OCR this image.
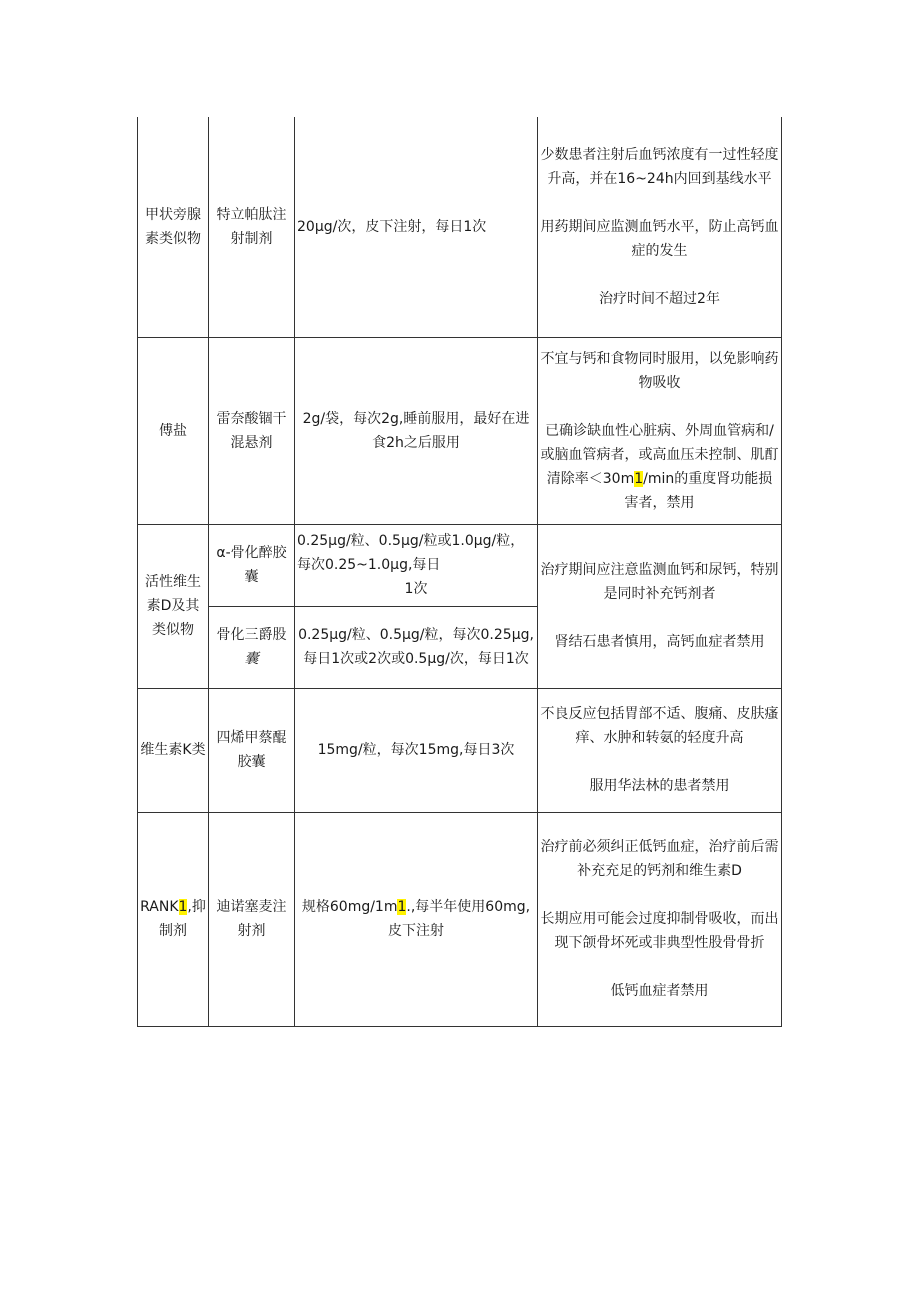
甲状旁腺素类似物	特立帕肽注射制剂	20μg/次，皮下注射，每日1次	少数患者注射后血钙浓度有一过性轻度升高，并在16~24h内回到基线水平
用药期间应监测血钙水平，防止高钙血症的发生
治疗时间不超过2年

傅盐	雷奈酸锢干混悬剂	2g/袋，每次2g,睡前服用，最好在进食2h之后服用	不宜与钙和食物同时服用，以免影响药物吸收
已确诊缺血性心脏病、外周血管病和/或脑血管病者，或高血压未控制、肌酊清除率＜30m1/min的重度肾功能损害者，禁用

活性维生素D及其类似物	α-骨化醉胶囊	0.25μg/粒、0.5μg/粒或1.0μg/粒，每次0.25~1.0μg,每日
1次	治疗期间应注意监测血钙和尿钙，特别是同时补充钙剂者
肾结石患者慎用，高钙血症者禁用

	骨化三爵股
囊	0.25μg/粒、0.5μg/粒，每次0.25μg,每日1次或2次或0.5μg/次，每日1次	
维生素K类	四烯甲蔡醌胶囊	15mg/粒，每次15mg,每日3次	不良反应包括胃部不适、腹痛、皮肤瘙痒、水肿和转氨的轻度升高
服用华法林的患者禁用

RANK1,抑制剂	迪诺塞麦注射剂	规格60mg/1m1.,每半年使用60mg,皮下注射	治疗前必须纠正低钙血症，治疗前后需补充充足的钙剂和维生素D
长期应用可能会过度抑制骨吸收，而出现下颌骨坏死或非典型性股骨骨折
低钙血症者禁用
